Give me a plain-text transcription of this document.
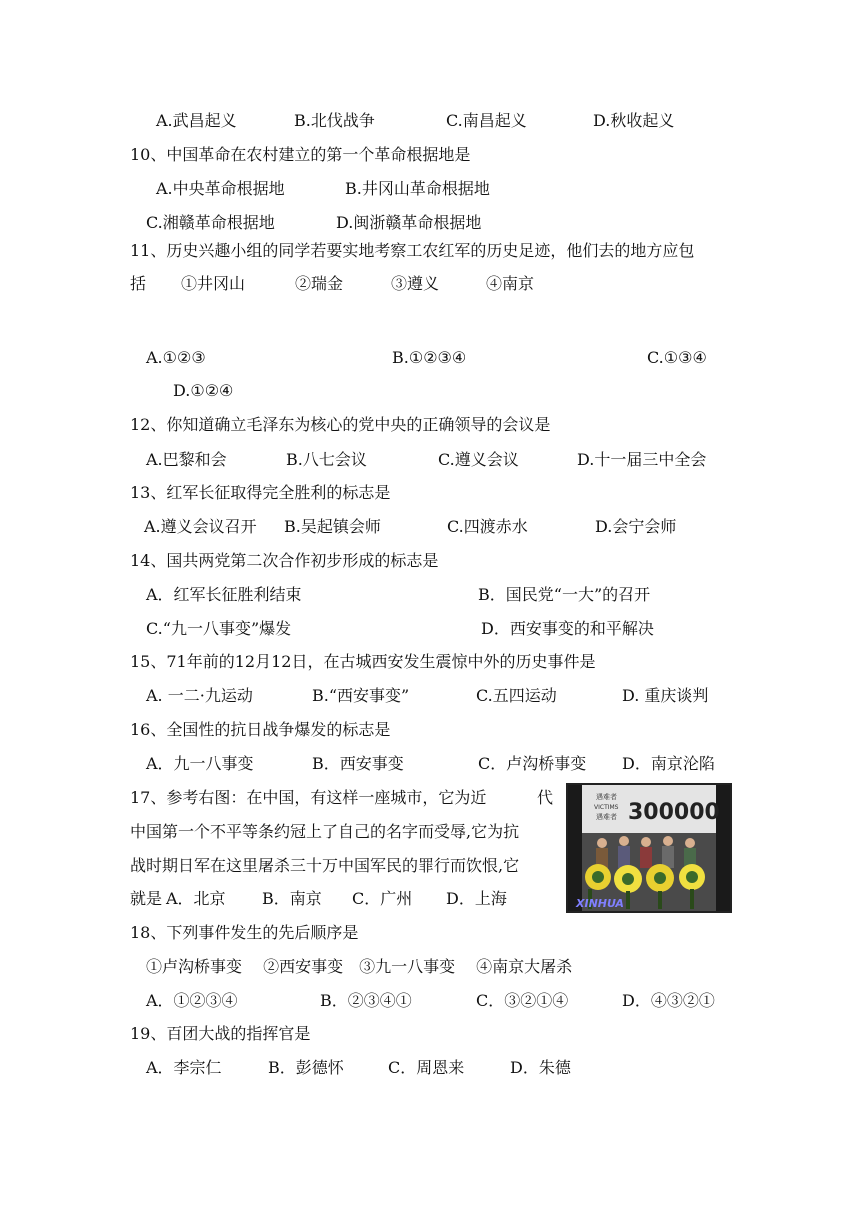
A.武昌起义	B.北伐战争	C.南昌起义	D.秋收起义
10、中国革命在农村建立的第一个革命根据地是
A.中央革命根据地	B.井冈山革命根据地
C.湘赣革命根据地	D.闽浙赣革命根据地
11、历史兴趣小组的同学若要实地考察工农红军的历史足迹，他们去的地方应包
括 ①井冈山	②瑞金	③遵义	④南京
A.①②③	B.①②③④	C.①③④
D.①②④
12、你知道确立毛泽东为核心的党中央的正确领导的会议是
A.巴黎和会	B.八七会议	C.遵义会议	D.十一届三中全会
13、红军长征取得完全胜利的标志是
A.遵义会议召开 B.吴起镇会师	C.四渡赤水	D.会宁会师
14、国共两党第二次合作初步形成的标志是
A．红军长征胜利结束	B．国民党“一大”的召开
C.“九一八事变”爆发	D．西安事变的和平解决
15、71年前的12月12日，在古城西安发生震惊中外的历史事件是
A. 一二·九运动	B.“西安事变”	C.五四运动	D. 重庆谈判
16、全国性的抗日战争爆发的标志是
A．九一八事变	B．西安事变	C．卢沟桥事变 D．南京沦陷
17、参考右图：在中国，有这样一座城市，它为近	代
中国第一个不平等条约冠上了自己的名字而受辱,它为抗
战时期日军在这里屠杀三十万中国军民的罪行而饮恨,它
就是 A．北京 B．南京 C．广州 D．上海
遇难者
VICTIMS
遇难者 300000
XINHUA
18、下列事件发生的先后顺序是
①卢沟桥事变　 ②西安事变　③九一八事变　 ④南京大屠杀
A．①②③④	B．②③④①	C．③②①④	D．④③②①
19、百团大战的指挥官是
A．李宗仁	B．彭德怀	C．周恩来	D．朱德
